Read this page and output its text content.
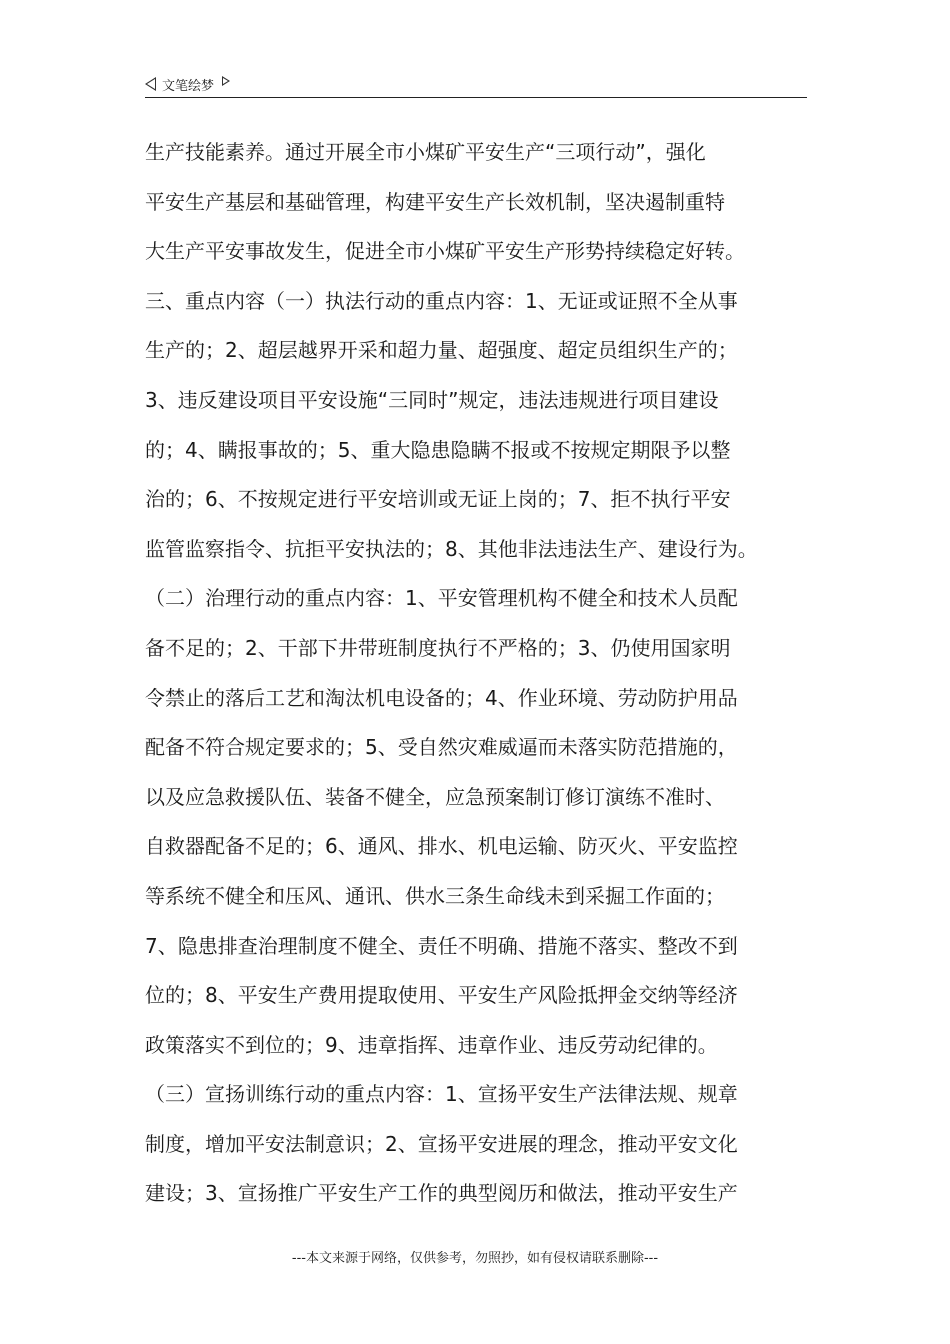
文笔绘梦
生产技能素养。通过开展全市小煤矿平安生产“三项行动”，强化
平安生产基层和基础管理，构建平安生产长效机制，坚决遏制重特
大生产平安事故发生，促进全市小煤矿平安生产形势持续稳定好转。
三、重点内容（一）执法行动的重点内容：1、无证或证照不全从事
生产的；2、超层越界开采和超力量、超强度、超定员组织生产的；
3、违反建设项目平安设施“三同时”规定，违法违规进行项目建设
的；4、瞒报事故的；5、重大隐患隐瞒不报或不按规定期限予以整
治的；6、不按规定进行平安培训或无证上岗的；7、拒不执行平安
监管监察指令、抗拒平安执法的；8、其他非法违法生产、建设行为。
（二）治理行动的重点内容：1、平安管理机构不健全和技术人员配
备不足的；2、干部下井带班制度执行不严格的；3、仍使用国家明
令禁止的落后工艺和淘汰机电设备的；4、作业环境、劳动防护用品
配备不符合规定要求的；5、受自然灾难威逼而未落实防范措施的，
以及应急救援队伍、装备不健全，应急预案制订修订演练不准时、
自救器配备不足的；6、通风、排水、机电运输、防灭火、平安监控
等系统不健全和压风、通讯、供水三条生命线未到采掘工作面的；
7、隐患排查治理制度不健全、责任不明确、措施不落实、整改不到
位的；8、平安生产费用提取使用、平安生产风险抵押金交纳等经济
政策落实不到位的；9、违章指挥、违章作业、违反劳动纪律的。
（三）宣扬训练行动的重点内容：1、宣扬平安生产法律法规、规章
制度，增加平安法制意识；2、宣扬平安进展的理念，推动平安文化
建设；3、宣扬推广平安生产工作的典型阅历和做法，推动平安生产
---本文来源于网络，仅供参考，勿照抄，如有侵权请联系删除---
